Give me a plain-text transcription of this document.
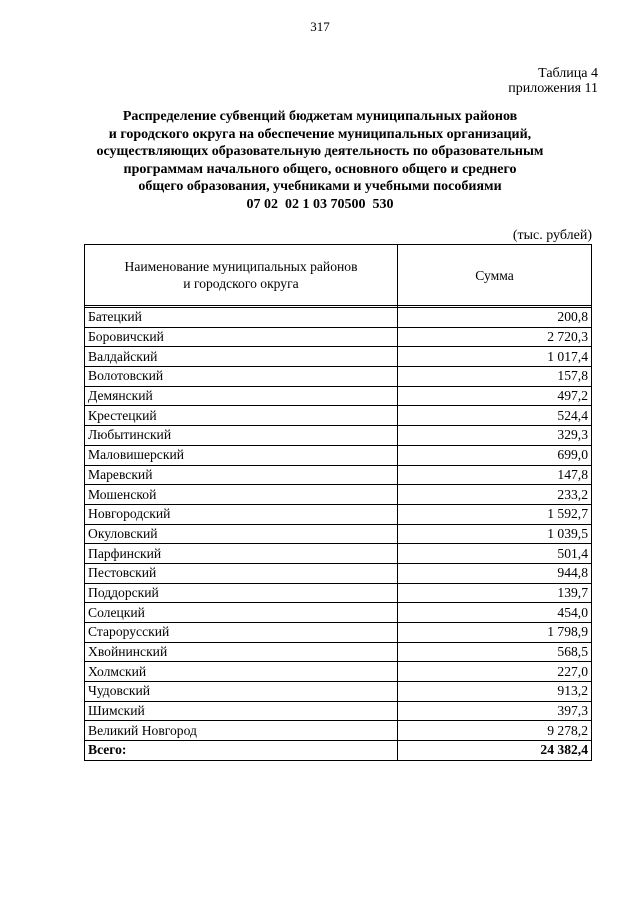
317
Таблица 4
приложения 11
Распределение субвенций бюджетам муниципальных районов
и городского округа на обеспечение муниципальных организаций,
осуществляющих образовательную деятельность по образовательным
программам начального общего, основного общего и среднего
общего образования, учебниками и учебными пособиями
07 02  02 1 03 70500  530
(тыс. рублей)
Наименование муниципальных районов
и городского округа	Сумма

Батецкий	200,8
Боровичский	2 720,3
Валдайский	1 017,4
Волотовский	157,8
Демянский	497,2
Крестецкий	524,4
Любытинский	329,3
Маловишерский	699,0
Маревский	147,8
Мошенской	233,2
Новгородский	1 592,7
Окуловский	1 039,5
Парфинский	501,4
Пестовский	944,8
Поддорский	139,7
Солецкий	454,0
Старорусский	1 798,9
Хвойнинский	568,5
Холмский	227,0
Чудовский	913,2
Шимский	397,3
Великий Новгород	9 278,2
Всего:	24 382,4
